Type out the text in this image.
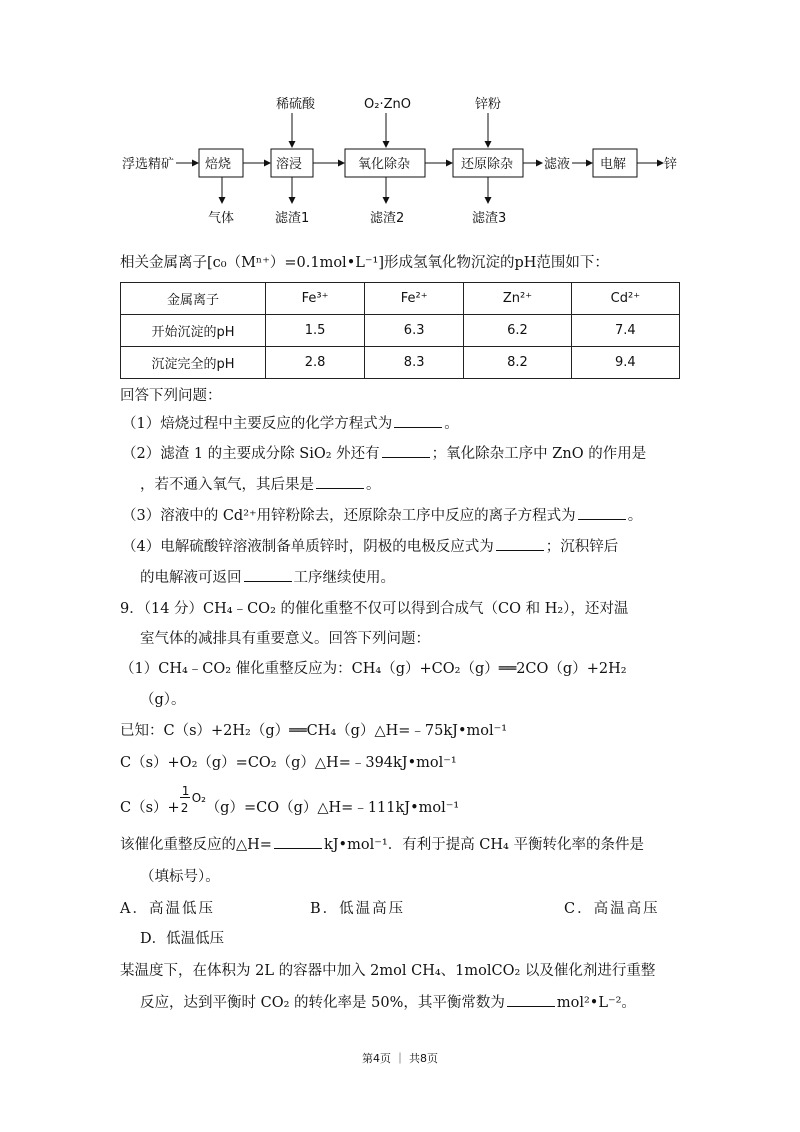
浮选精矿 焙烧
气体
溶浸
稀硫酸
滤渣1
氧化除杂
O₂·ZnO
滤渣2
还原除杂
锌粉
滤渣3
滤液 电解	锌
相关金属离子[c₀（Mⁿ⁺）=0.1mol•L⁻¹]形成氢氧化物沉淀的pH范围如下：
金属离子	Fe³⁺	Fe²⁺	Zn²⁺	Cd²⁺
开始沉淀的pH	1.5	6.3	6.2	7.4
沉淀完全的pH	2.8	8.3	8.2	9.4
回答下列问题：
（1）焙烧过程中主要反应的化学方程式为	。
（2）滤渣 1 的主要成分除 SiO₂ 外还有	；氧化除杂工序中 ZnO 的作用是
，若不通入氧气，其后果是	。
（3）溶液中的 Cd²⁺用锌粉除去，还原除杂工序中反应的离子方程式为	。
（4）电解硫酸锌溶液制备单质锌时，阴极的电极反应式为	；沉积锌后
的电解液可返回	工序继续使用。
9．（14 分）CH₄﹣CO₂ 的催化重整不仅可以得到合成气（CO 和 H₂），还对温
室气体的减排具有重要意义。回答下列问题：
（1）CH₄﹣CO₂ 催化重整反应为：CH₄（g）+CO₂（g）══2CO（g）+2H₂
（g）。
已知：C（s）+2H₂（g）══CH₄（g）△H=﹣75kJ•mol⁻¹
C（s）+O₂（g）=CO₂（g）△H=﹣394kJ•mol⁻¹
C（s）+
1
2
O₂
（g）=CO（g）△H=﹣111kJ•mol⁻¹
该催化重整反应的△H=	kJ•mol⁻¹．有利于提高 CH₄ 平衡转化率的条件是
（填标号）。
A．高温低压	B．低温高压	C．高温高压
D．低温低压
某温度下，在体积为 2L 的容器中加入 2mol CH₄、1molCO₂ 以及催化剂进行重整
反应，达到平衡时 CO₂ 的转化率是 50%，其平衡常数为	mol²•L⁻²。
第4页 ｜ 共8页
